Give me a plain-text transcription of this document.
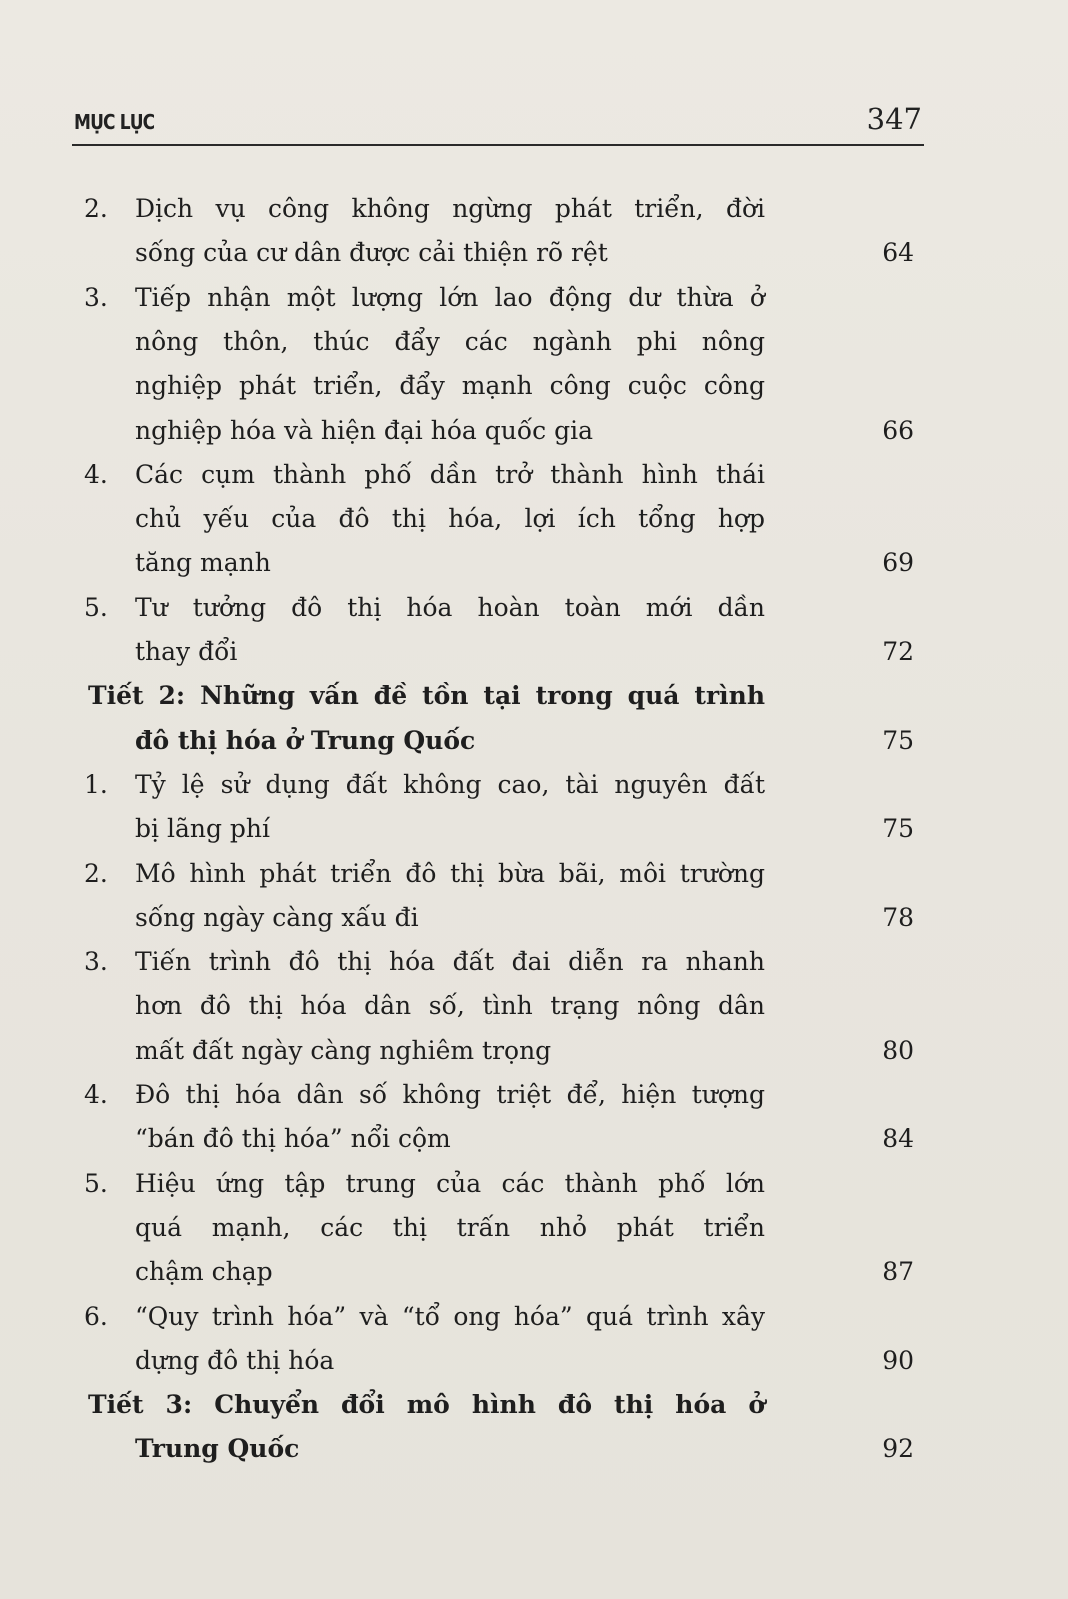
MỤC LỤC	347
2. Dịch vụ công không ngừng phát triển, đời
sống của cư dân được cải thiện rõ rệt	64
3. Tiếp nhận một lượng lớn lao động dư thừa ở
nông thôn, thúc đẩy các ngành phi nông
nghiệp phát triển, đẩy mạnh công cuộc công
nghiệp hóa và hiện đại hóa quốc gia	66
4. Các cụm thành phố dần trở thành hình thái
chủ yếu của đô thị hóa, lợi ích tổng hợp
tăng mạnh	69
5. Tư tưởng đô thị hóa hoàn toàn mới dần
thay đổi	72
Tiết 2: Những vấn đề tồn tại trong quá trình
đô thị hóa ở Trung Quốc	75
1. Tỷ lệ sử dụng đất không cao, tài nguyên đất
bị lãng phí	75
2. Mô hình phát triển đô thị bừa bãi, môi trường
sống ngày càng xấu đi	78
3. Tiến trình đô thị hóa đất đai diễn ra nhanh
hơn đô thị hóa dân số, tình trạng nông dân
mất đất ngày càng nghiêm trọng	80
4. Đô thị hóa dân số không triệt để, hiện tượng
“bán đô thị hóa” nổi cộm	84
5. Hiệu ứng tập trung của các thành phố lớn
quá mạnh, các thị trấn nhỏ phát triển
chậm chạp	87
6. “Quy trình hóa” và “tổ ong hóa” quá trình xây
dựng đô thị hóa	90
Tiết 3: Chuyển đổi mô hình đô thị hóa ở
Trung Quốc	92
